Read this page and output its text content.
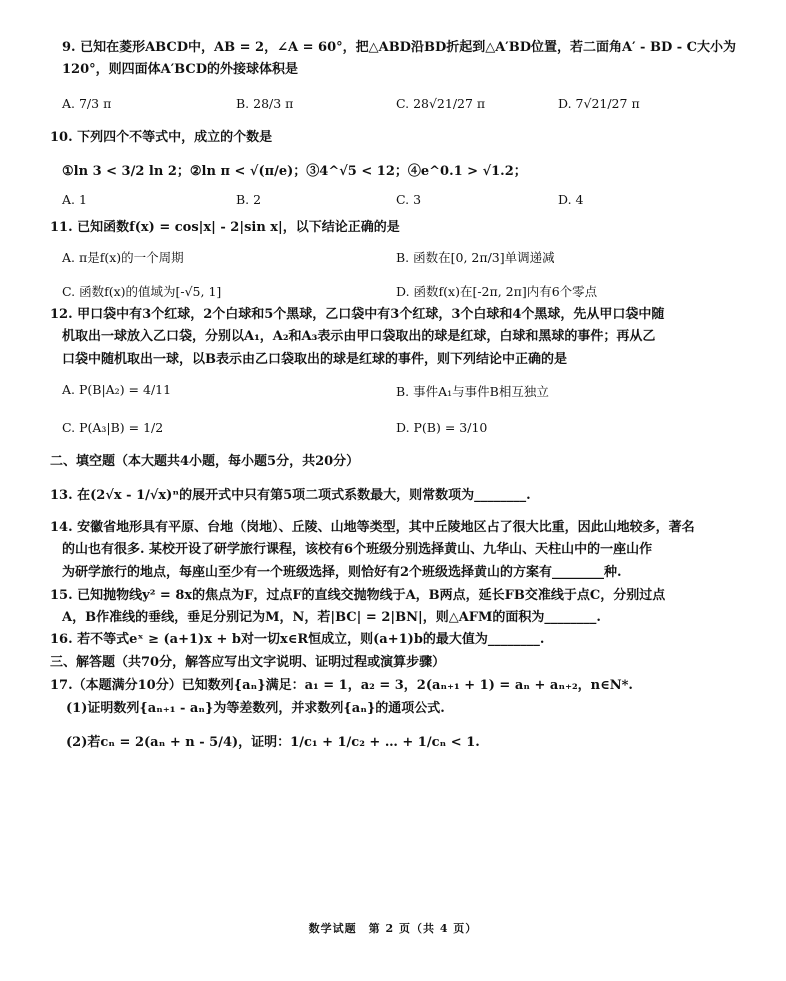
9. 已知在菱形ABCD中，AB = 2，∠A = 60°，把△ABD沿BD折起到△A′BD位置，若二面角A′ - BD - C大小为
120°，则四面体A′BCD的外接球体积是
A. 7/3 π	B. 28/3 π	C. 28√21/27 π	D. 7√21/27 π
10. 下列四个不等式中，成立的个数是
①ln 3 < 3/2 ln 2；②ln π < √(π/e)；③4^√5 < 12；④e^0.1 > √1.2；
A. 1	B. 2	C. 3	D. 4
11. 已知函数f(x) = cos|x| - 2|sin x|，以下结论正确的是
A. π是f(x)的一个周期	B. 函数在[0, 2π/3]单调递减
C. 函数f(x)的值域为[-√5, 1]	D. 函数f(x)在[-2π, 2π]内有6个零点
12. 甲口袋中有3个红球，2个白球和5个黑球，乙口袋中有3个红球，3个白球和4个黑球，先从甲口袋中随
机取出一球放入乙口袋，分别以A₁，A₂和A₃表示由甲口袋取出的球是红球，白球和黑球的事件；再从乙
口袋中随机取出一球，以B表示由乙口袋取出的球是红球的事件，则下列结论中正确的是
A. P(B|A₂) = 4/11	B. 事件A₁与事件B相互独立
C. P(A₃|B) = 1/2	D. P(B) = 3/10
二、填空题（本大题共4小题，每小题5分，共20分）
13. 在(2√x - 1/√x)ⁿ的展开式中只有第5项二项式系数最大，则常数项为________.
14. 安徽省地形具有平原、台地（岗地）、丘陵、山地等类型，其中丘陵地区占了很大比重，因此山地较多，著名
的山也有很多. 某校开设了研学旅行课程，该校有6个班级分别选择黄山、九华山、天柱山中的一座山作
为研学旅行的地点，每座山至少有一个班级选择，则恰好有2个班级选择黄山的方案有________种.
15. 已知抛物线y² = 8x的焦点为F，过点F的直线交抛物线于A，B两点，延长FB交准线于点C，分别过点
A，B作准线的垂线，垂足分别记为M，N，若|BC| = 2|BN|，则△AFM的面积为________.
16. 若不等式eˣ ≥ (a+1)x + b对一切x∈R恒成立，则(a+1)b的最大值为________.
三、解答题（共70分，解答应写出文字说明、证明过程或演算步骤）
17.（本题满分10分）已知数列{aₙ}满足：a₁ = 1，a₂ = 3，2(aₙ₊₁ + 1) = aₙ + aₙ₊₂，n∈N*.
(1)证明数列{aₙ₊₁ - aₙ}为等差数列，并求数列{aₙ}的通项公式.
(2)若cₙ = 2(aₙ + n - 5/4)，证明：1/c₁ + 1/c₂ + … + 1/cₙ < 1.
数学试题　第 2 页（共 4 页）
